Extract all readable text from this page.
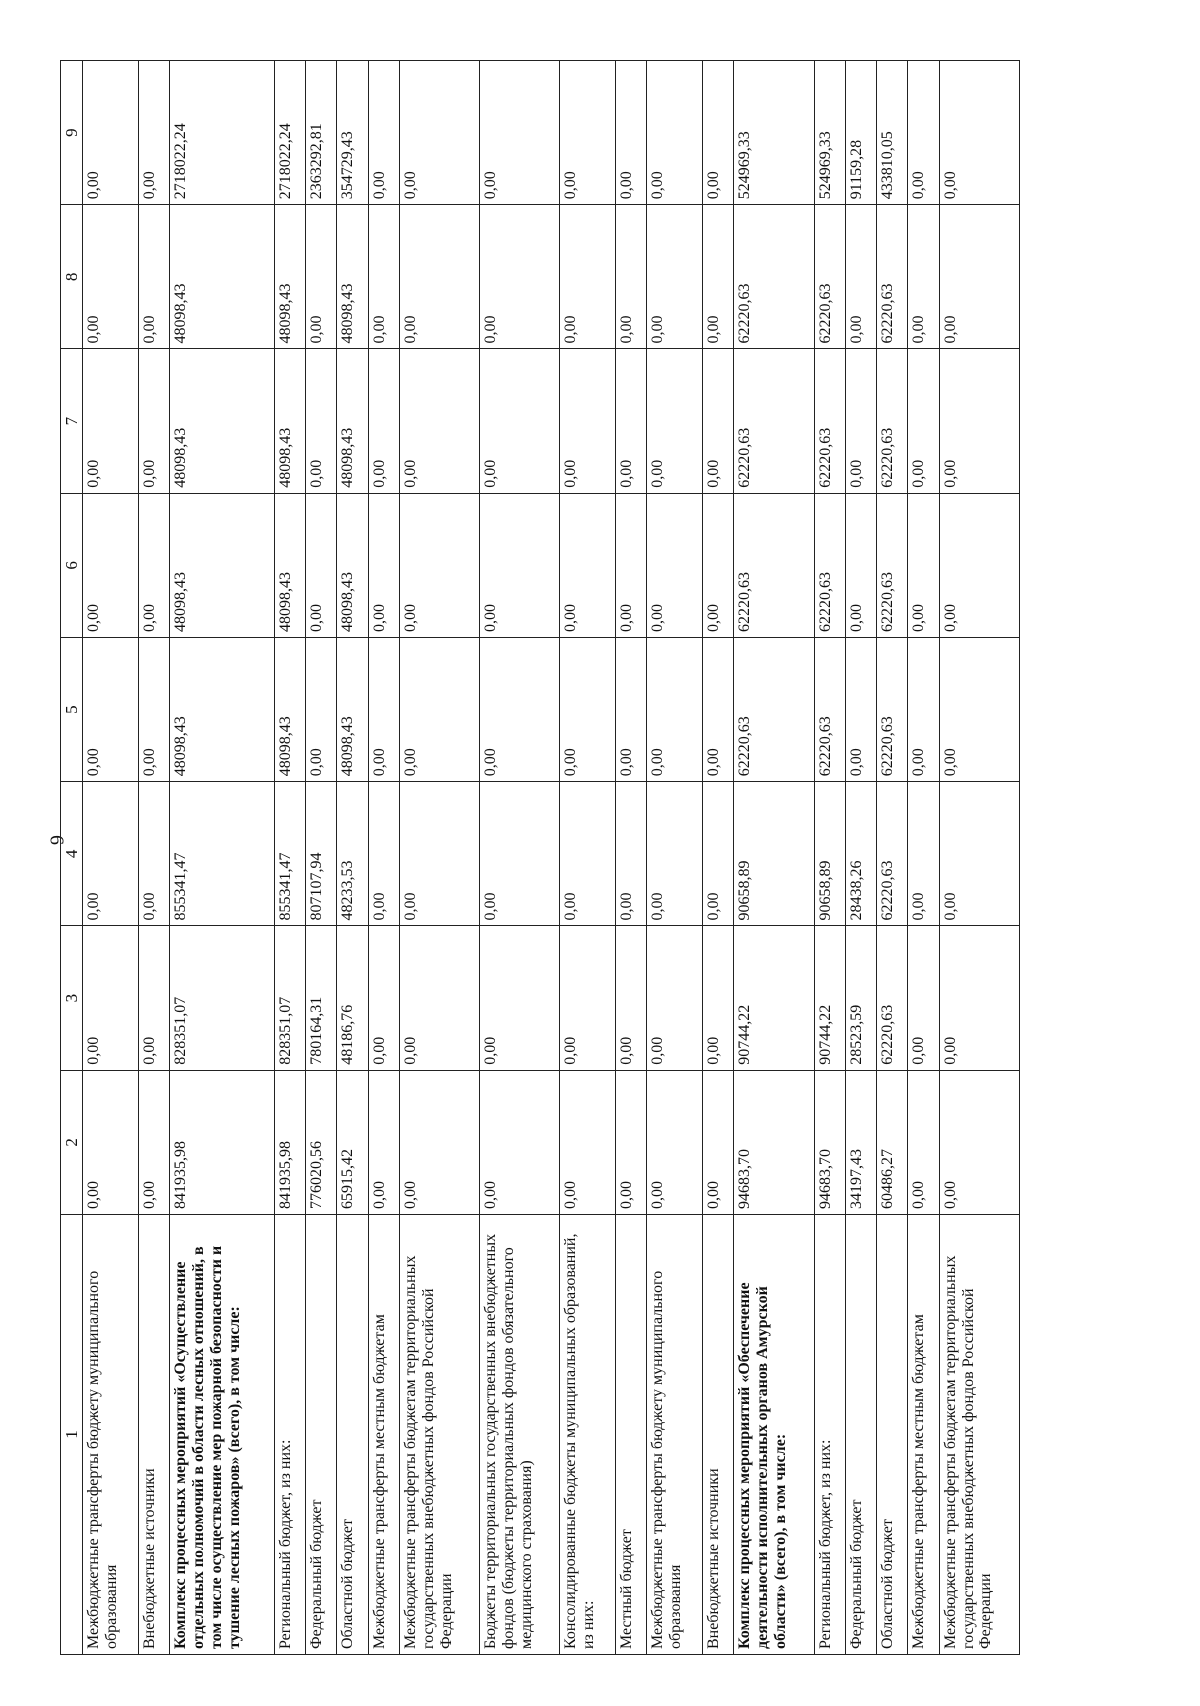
6
1	2	3	4	5	6	7	8	9
Межбюджетные трансферты бюджету муниципального образования	0,00	0,00	0,00	0,00	0,00	0,00	0,00	0,00
Внебюджетные источники	0,00	0,00	0,00	0,00	0,00	0,00	0,00	0,00
Комплекс процессных мероприятий «Осуществление отдельных полномочий в области лесных отношений, в том числе осуществление мер пожарной безопасности и тушение лесных пожаров» (всего), в том числе:	841935,98	828351,07	855341,47	48098,43	48098,43	48098,43	48098,43	2718022,24
Региональный бюджет, из них:	841935,98	828351,07	855341,47	48098,43	48098,43	48098,43	48098,43	2718022,24
Федеральный бюджет	776020,56	780164,31	807107,94	0,00	0,00	0,00	0,00	2363292,81
Областной бюджет	65915,42	48186,76	48233,53	48098,43	48098,43	48098,43	48098,43	354729,43
Межбюджетные трансферты местным бюджетам	0,00	0,00	0,00	0,00	0,00	0,00	0,00	0,00
Межбюджетные трансферты бюджетам территориальных государственных внебюджетных фондов Российской Федерации	0,00	0,00	0,00	0,00	0,00	0,00	0,00	0,00
Бюджеты территориальных государственных внебюджетных фондов (бюджеты территориальных фондов обязательного медицинского страхования)	0,00	0,00	0,00	0,00	0,00	0,00	0,00	0,00
Консолидированные бюджеты муниципальных образований, из них:	0,00	0,00	0,00	0,00	0,00	0,00	0,00	0,00
Местный бюджет	0,00	0,00	0,00	0,00	0,00	0,00	0,00	0,00
Межбюджетные трансферты бюджету муниципального образования	0,00	0,00	0,00	0,00	0,00	0,00	0,00	0,00
Внебюджетные источники	0,00	0,00	0,00	0,00	0,00	0,00	0,00	0,00
Комплекс процессных мероприятий «Обеспечение деятельности исполнительных органов Амурской области» (всего), в том числе:	94683,70	90744,22	90658,89	62220,63	62220,63	62220,63	62220,63	524969,33
Региональный бюджет, из них:	94683,70	90744,22	90658,89	62220,63	62220,63	62220,63	62220,63	524969,33
Федеральный бюджет	34197,43	28523,59	28438,26	0,00	0,00	0,00	0,00	91159,28
Областной бюджет	60486,27	62220,63	62220,63	62220,63	62220,63	62220,63	62220,63	433810,05
Межбюджетные трансферты местным бюджетам	0,00	0,00	0,00	0,00	0,00	0,00	0,00	0,00
Межбюджетные трансферты бюджетам территориальных государственных внебюджетных фондов Российской Федерации	0,00	0,00	0,00	0,00	0,00	0,00	0,00	0,00
